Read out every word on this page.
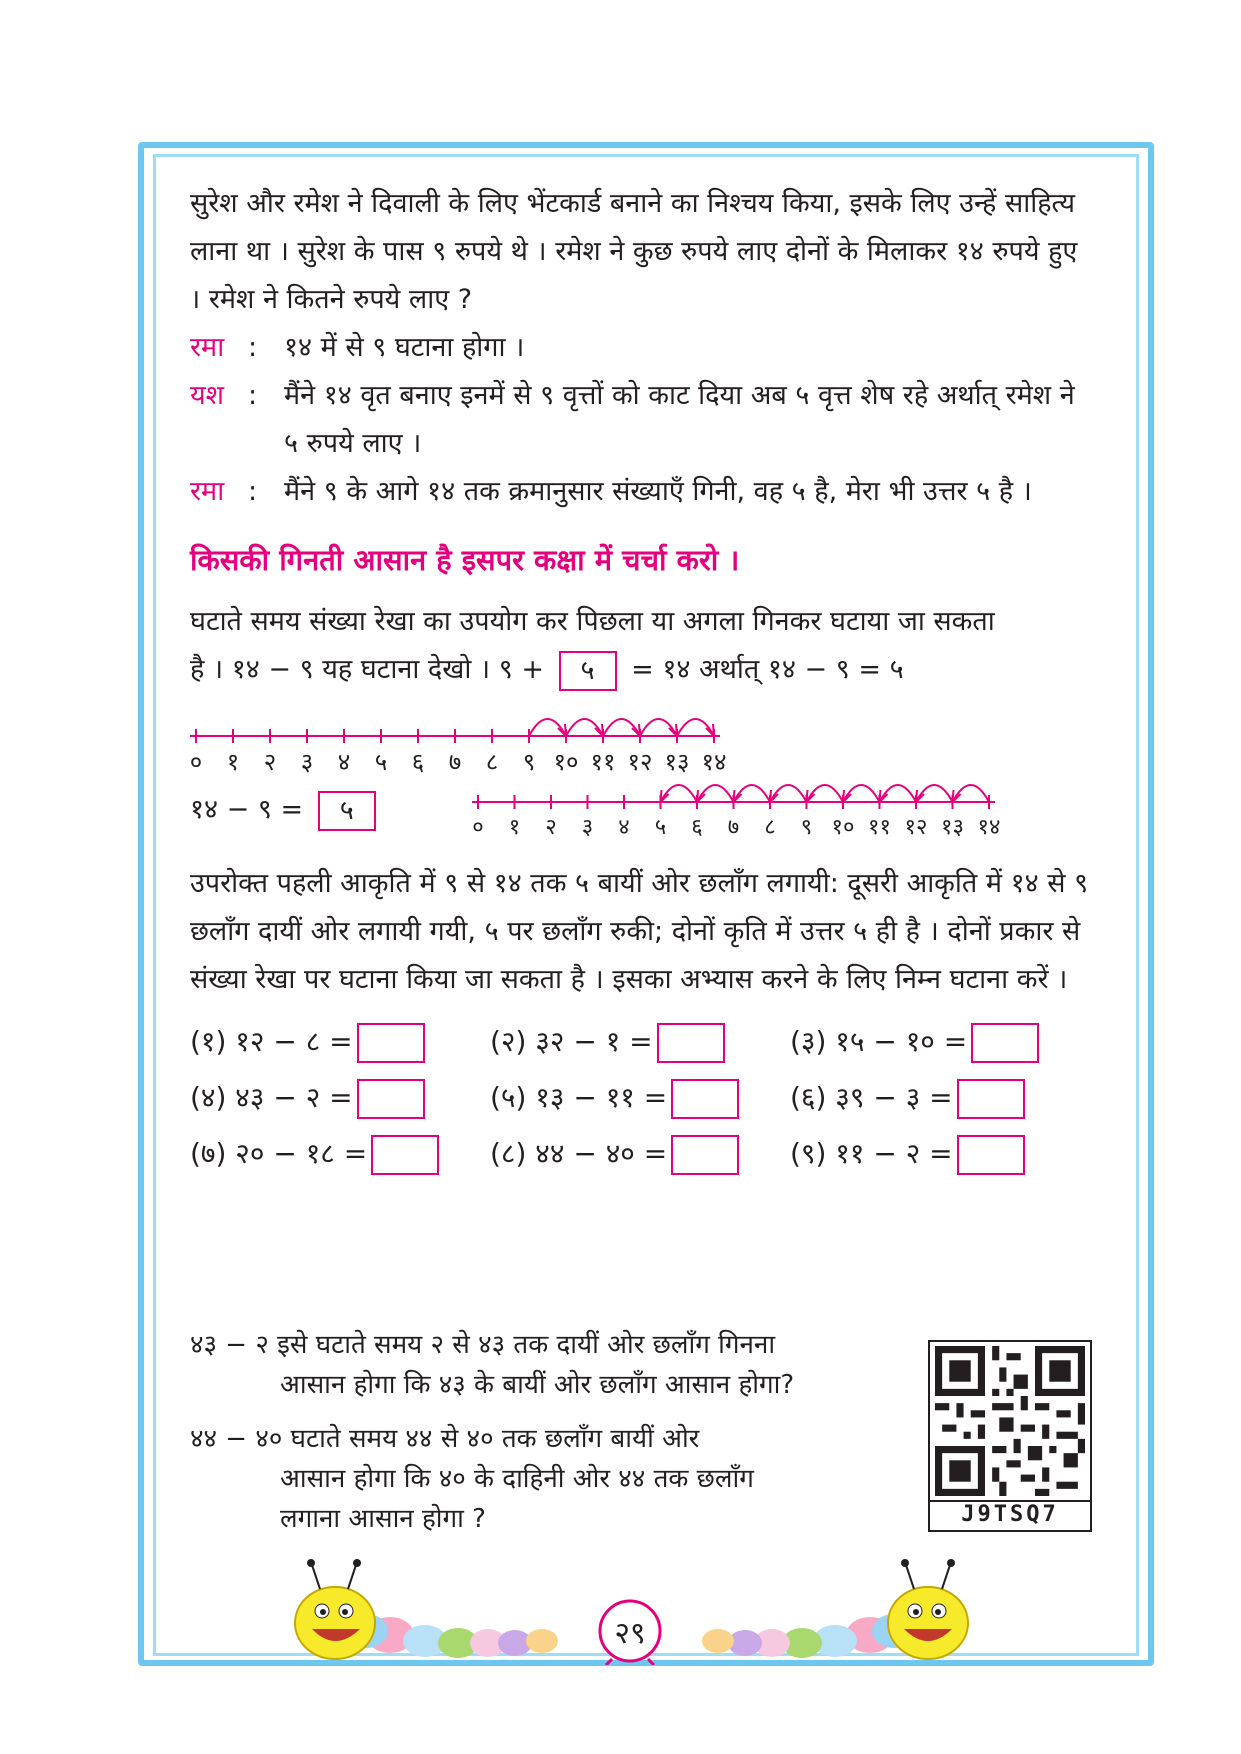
सुरेश और रमेश ने दिवाली के लिए भेंटकार्ड बनाने का निश्चय किया, इसके लिए उन्हें साहित्य लाना था । सुरेश के पास ९ रुपये थे । रमेश ने कुछ रुपये लाए दोनों के मिलाकर १४ रुपये हुए । रमेश ने कितने रुपये लाए ?

रमा : १४ में से ९ घटाना होगा ।
यश : मैंने १४ वृत बनाए इनमें से ९ वृत्तों को काट दिया अब ५ वृत्त शेष रहे अर्थात् रमेश ने ५ रुपये लाए ।
रमा : मैंने ९ के आगे १४ तक क्रमानुसार संख्याएँ गिनी, वह ५ है, मेरा भी उत्तर ५ है ।

किसकी गिनती आसान है इसपर कक्षा में चर्चा करो ।

घटाते समय संख्या रेखा का उपयोग कर पिछला या अगला गिनकर घटाया जा सकता

है । १४ − ९ यह घटाना देखो । ९ + ५ = १४ अर्थात् १४ − ९ = ५

० १ २ ३ ४ ५ ६ ७ ८ ९ १० ११ १२ १३ १४
१४ − ९ = ५
० १ २ ३ ४ ५ ६ ७ ८ ९ १० ११ १२ १३ १४

उपरोक्त पहली आकृति में ९ से १४ तक ५ बायीं ओर छलाँग लगायी: दूसरी आकृति में १४ से ९ छलाँग दायीं ओर लगायी गयी, ५ पर छलाँग रुकी; दोनों कृति में उत्तर ५ ही है । दोनों प्रकार से संख्या रेखा पर घटाना किया जा सकता है । इसका अभ्यास करने के लिए निम्न घटाना करें ।

(१) १२ − ८ =	(२) ३२ − १ =	(३) १५ − १० =
(४) ४३ − २ =	(५) १३ − ११ =	(६) ३९ − ३ =
(७) २० − १८ =	(८) ४४ − ४० =	(९) ११ − २ =

४३ − २ इसे घटाते समय २ से ४३ तक दायीं ओर छलाँग गिनना
आसान होगा कि ४३ के बायीं ओर छलाँग आसान होगा?

४४ − ४० घटाते समय ४४ से ४० तक छलाँग बायीं ओर
आसान होगा कि ४० के दाहिनी ओर ४४ तक छलाँग
लगाना आसान होगा ?	J9TSQ7
२९
